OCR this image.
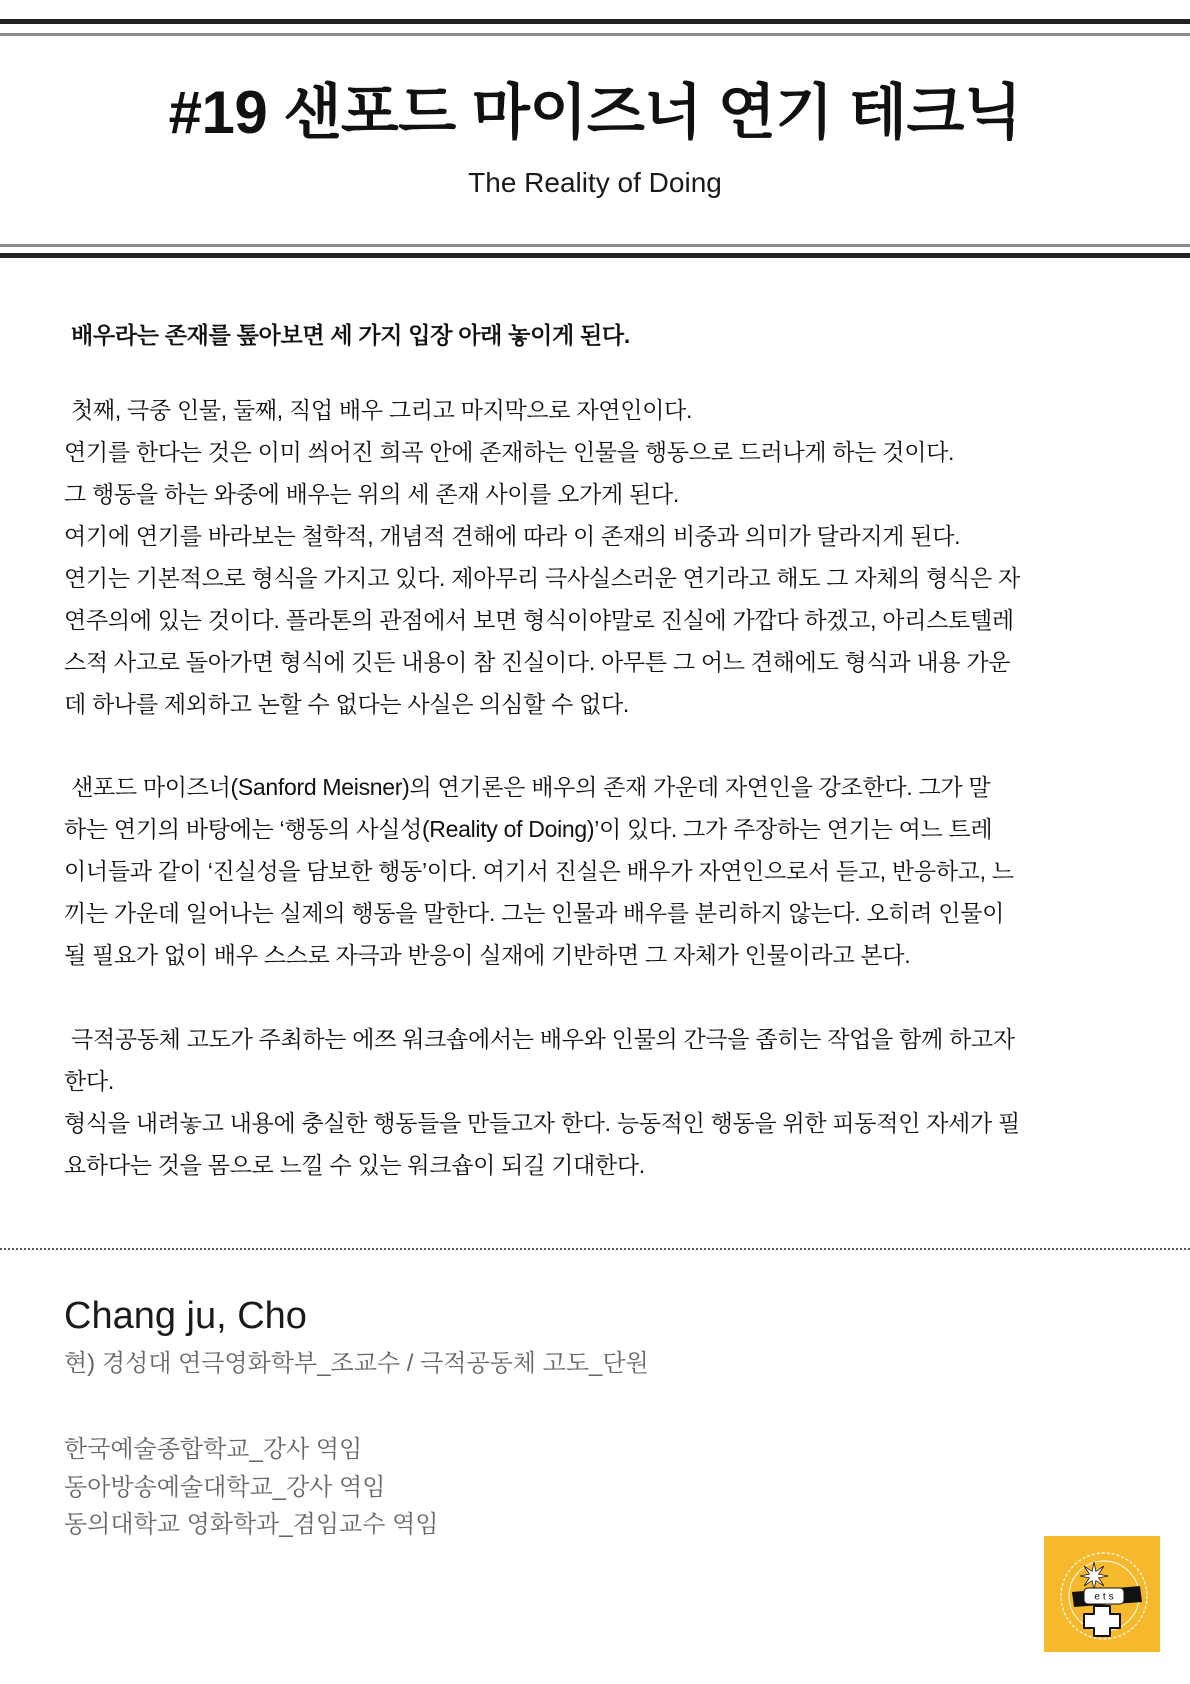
#19 샌포드 마이즈너 연기 테크닉
The Reality of Doing
배우라는 존재를 톺아보면 세 가지 입장 아래 놓이게 된다.
첫째, 극중 인물, 둘째, 직업 배우 그리고 마지막으로 자연인이다.
연기를 한다는 것은 이미 씌어진 희곡 안에 존재하는 인물을 행동으로 드러나게 하는 것이다.
그 행동을 하는 와중에 배우는 위의 세 존재 사이를 오가게 된다.
여기에 연기를 바라보는 철학적, 개념적 견해에 따라 이 존재의 비중과 의미가 달라지게 된다.
연기는 기본적으로 형식을 가지고 있다. 제아무리 극사실스러운 연기라고 해도 그 자체의 형식은 자
연주의에 있는 것이다. 플라톤의 관점에서 보면 형식이야말로 진실에 가깝다 하겠고, 아리스토텔레
스적 사고로 돌아가면 형식에 깃든 내용이 참 진실이다. 아무튼 그 어느 견해에도 형식과 내용 가운
데 하나를 제외하고 논할 수 없다는 사실은 의심할 수 없다.
샌포드 마이즈너(Sanford Meisner)의 연기론은 배우의 존재 가운데 자연인을 강조한다. 그가 말
하는 연기의 바탕에는 ‘행동의 사실성(Reality of Doing)’이 있다. 그가 주장하는 연기는 여느 트레
이너들과 같이 ‘진실성을 담보한 행동’이다. 여기서 진실은 배우가 자연인으로서 듣고, 반응하고, 느
끼는 가운데 일어나는 실제의 행동을 말한다. 그는 인물과 배우를 분리하지 않는다. 오히려 인물이
될 필요가 없이 배우 스스로 자극과 반응이 실재에 기반하면 그 자체가 인물이라고 본다.
극적공동체 고도가 주최하는 에쯔 워크숍에서는 배우와 인물의 간극을 좁히는 작업을 함께 하고자
한다.
형식을 내려놓고 내용에 충실한 행동들을 만들고자 한다. 능동적인 행동을 위한 피동적인 자세가 필
요하다는 것을 몸으로 느낄 수 있는 워크숍이 되길 기대한다.
Chang ju, Cho
현) 경성대 연극영화학부_조교수 / 극적공동체 고도_단원
한국예술종합학교_강사 역임
동아방송예술대학교_강사 역임
동의대학교 영화학과_겸임교수 역임
ets
